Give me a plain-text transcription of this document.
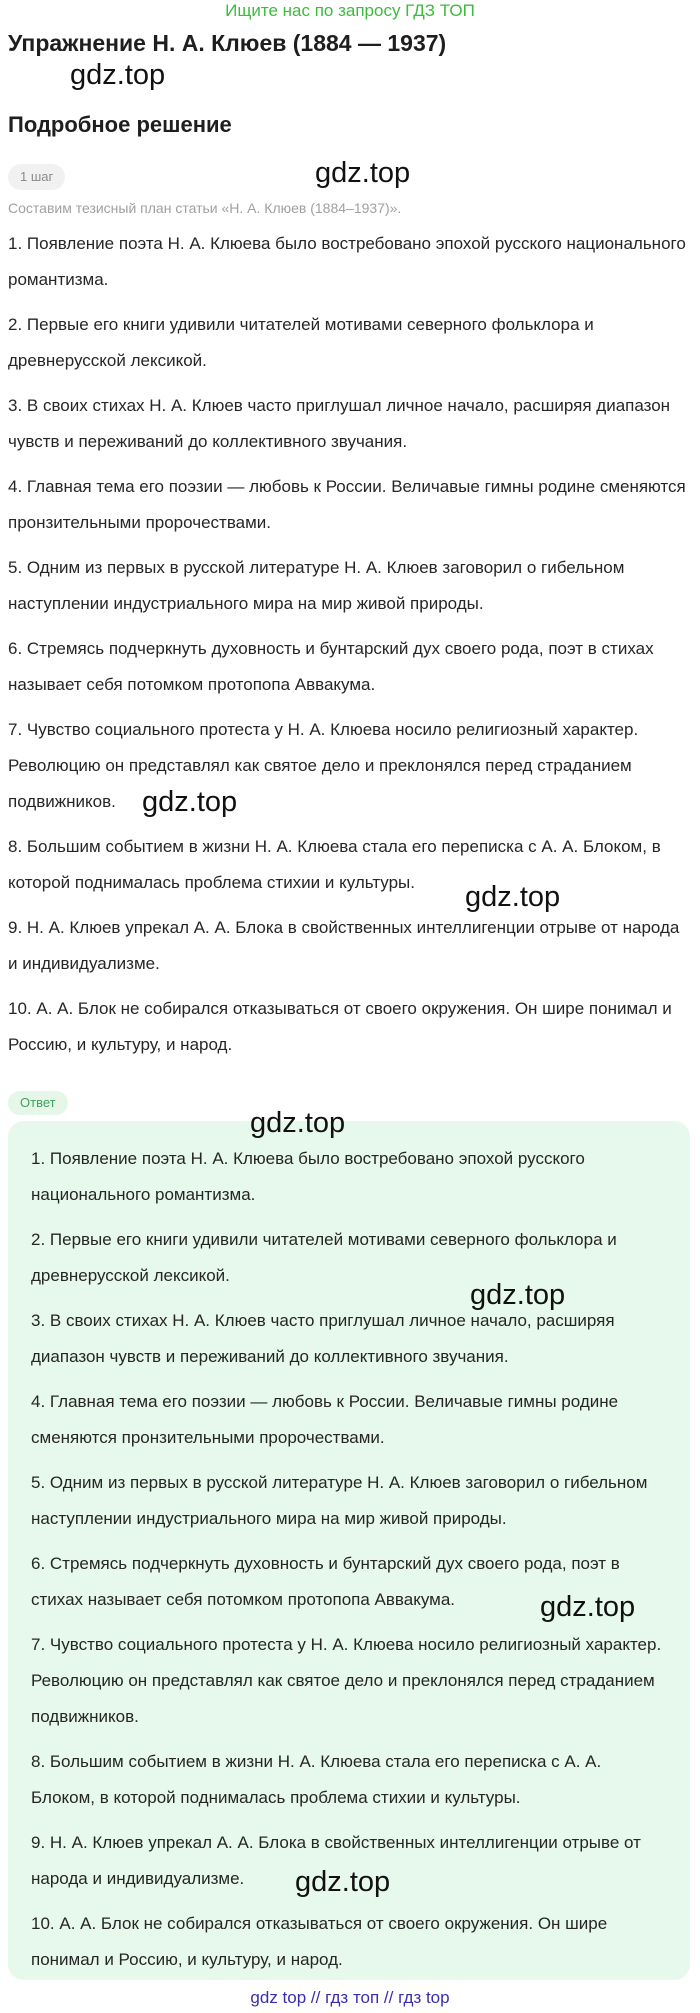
Ищите нас по запросу ГДЗ ТОП
Упражнение Н. А. Клюев (1884 — 1937)
gdz.top
Подробное решение
1 шаг	gdz.top
Составим тезисный план статьи «Н. А. Клюев (1884–1937)».
1. Появление поэта Н. А. Клюева было востребовано эпохой русского национального романтизма.
2. Первые его книги удивили читателей мотивами северного фольклора и древнерусской лексикой.
3. В своих стихах Н. А. Клюев часто приглушал личное начало, расширяя диапазон чувств и переживаний до коллективного звучания.
4. Главная тема его поэзии — любовь к России. Величавые гимны родине сменяются пронзительными пророчествами.
5. Одним из первых в русской литературе Н. А. Клюев заговорил о гибельном наступлении индустриального мира на мир живой природы.
6. Стремясь подчеркнуть духовность и бунтарский дух своего рода, поэт в стихах называет себя потомком протопопа Аввакума.
7. Чувство социального протеста у Н. А. Клюева носило религиозный характер. Революцию он представлял как святое дело и преклонялся перед страданием подвижников.
8. Большим событием в жизни Н. А. Клюева стала его переписка с А. А. Блоком, в которой поднималась проблема стихии и культуры.
9. Н. А. Клюев упрекал А. А. Блока в свойственных интеллигенции отрыве от народа и индивидуализме.
10. А. А. Блок не собирался отказываться от своего окружения. Он шире понимал и Россию, и культуру, и народ.
gdz.top
gdz.top
Ответ
1. Появление поэта Н. А. Клюева было востребовано эпохой русского национального романтизма.
2. Первые его книги удивили читателей мотивами северного фольклора и древнерусской лексикой.
3. В своих стихах Н. А. Клюев часто приглушал личное начало, расширяя диапазон чувств и переживаний до коллективного звучания.
4. Главная тема его поэзии — любовь к России. Величавые гимны родине сменяются пронзительными пророчествами.
5. Одним из первых в русской литературе Н. А. Клюев заговорил о гибельном наступлении индустриального мира на мир живой природы.
6. Стремясь подчеркнуть духовность и бунтарский дух своего рода, поэт в стихах называет себя потомком протопопа Аввакума.
7. Чувство социального протеста у Н. А. Клюева носило религиозный характер. Революцию он представлял как святое дело и преклонялся перед страданием подвижников.
8. Большим событием в жизни Н. А. Клюева стала его переписка с А. А. Блоком, в которой поднималась проблема стихии и культуры.
9. Н. А. Клюев упрекал А. А. Блока в свойственных интеллигенции отрыве от народа и индивидуализме.
10. А. А. Блок не собирался отказываться от своего окружения. Он шире понимал и Россию, и культуру, и народ.
gdz.top
gdz.top
gdz.top
gdz.top
gdz top // гдз топ // гдз top
